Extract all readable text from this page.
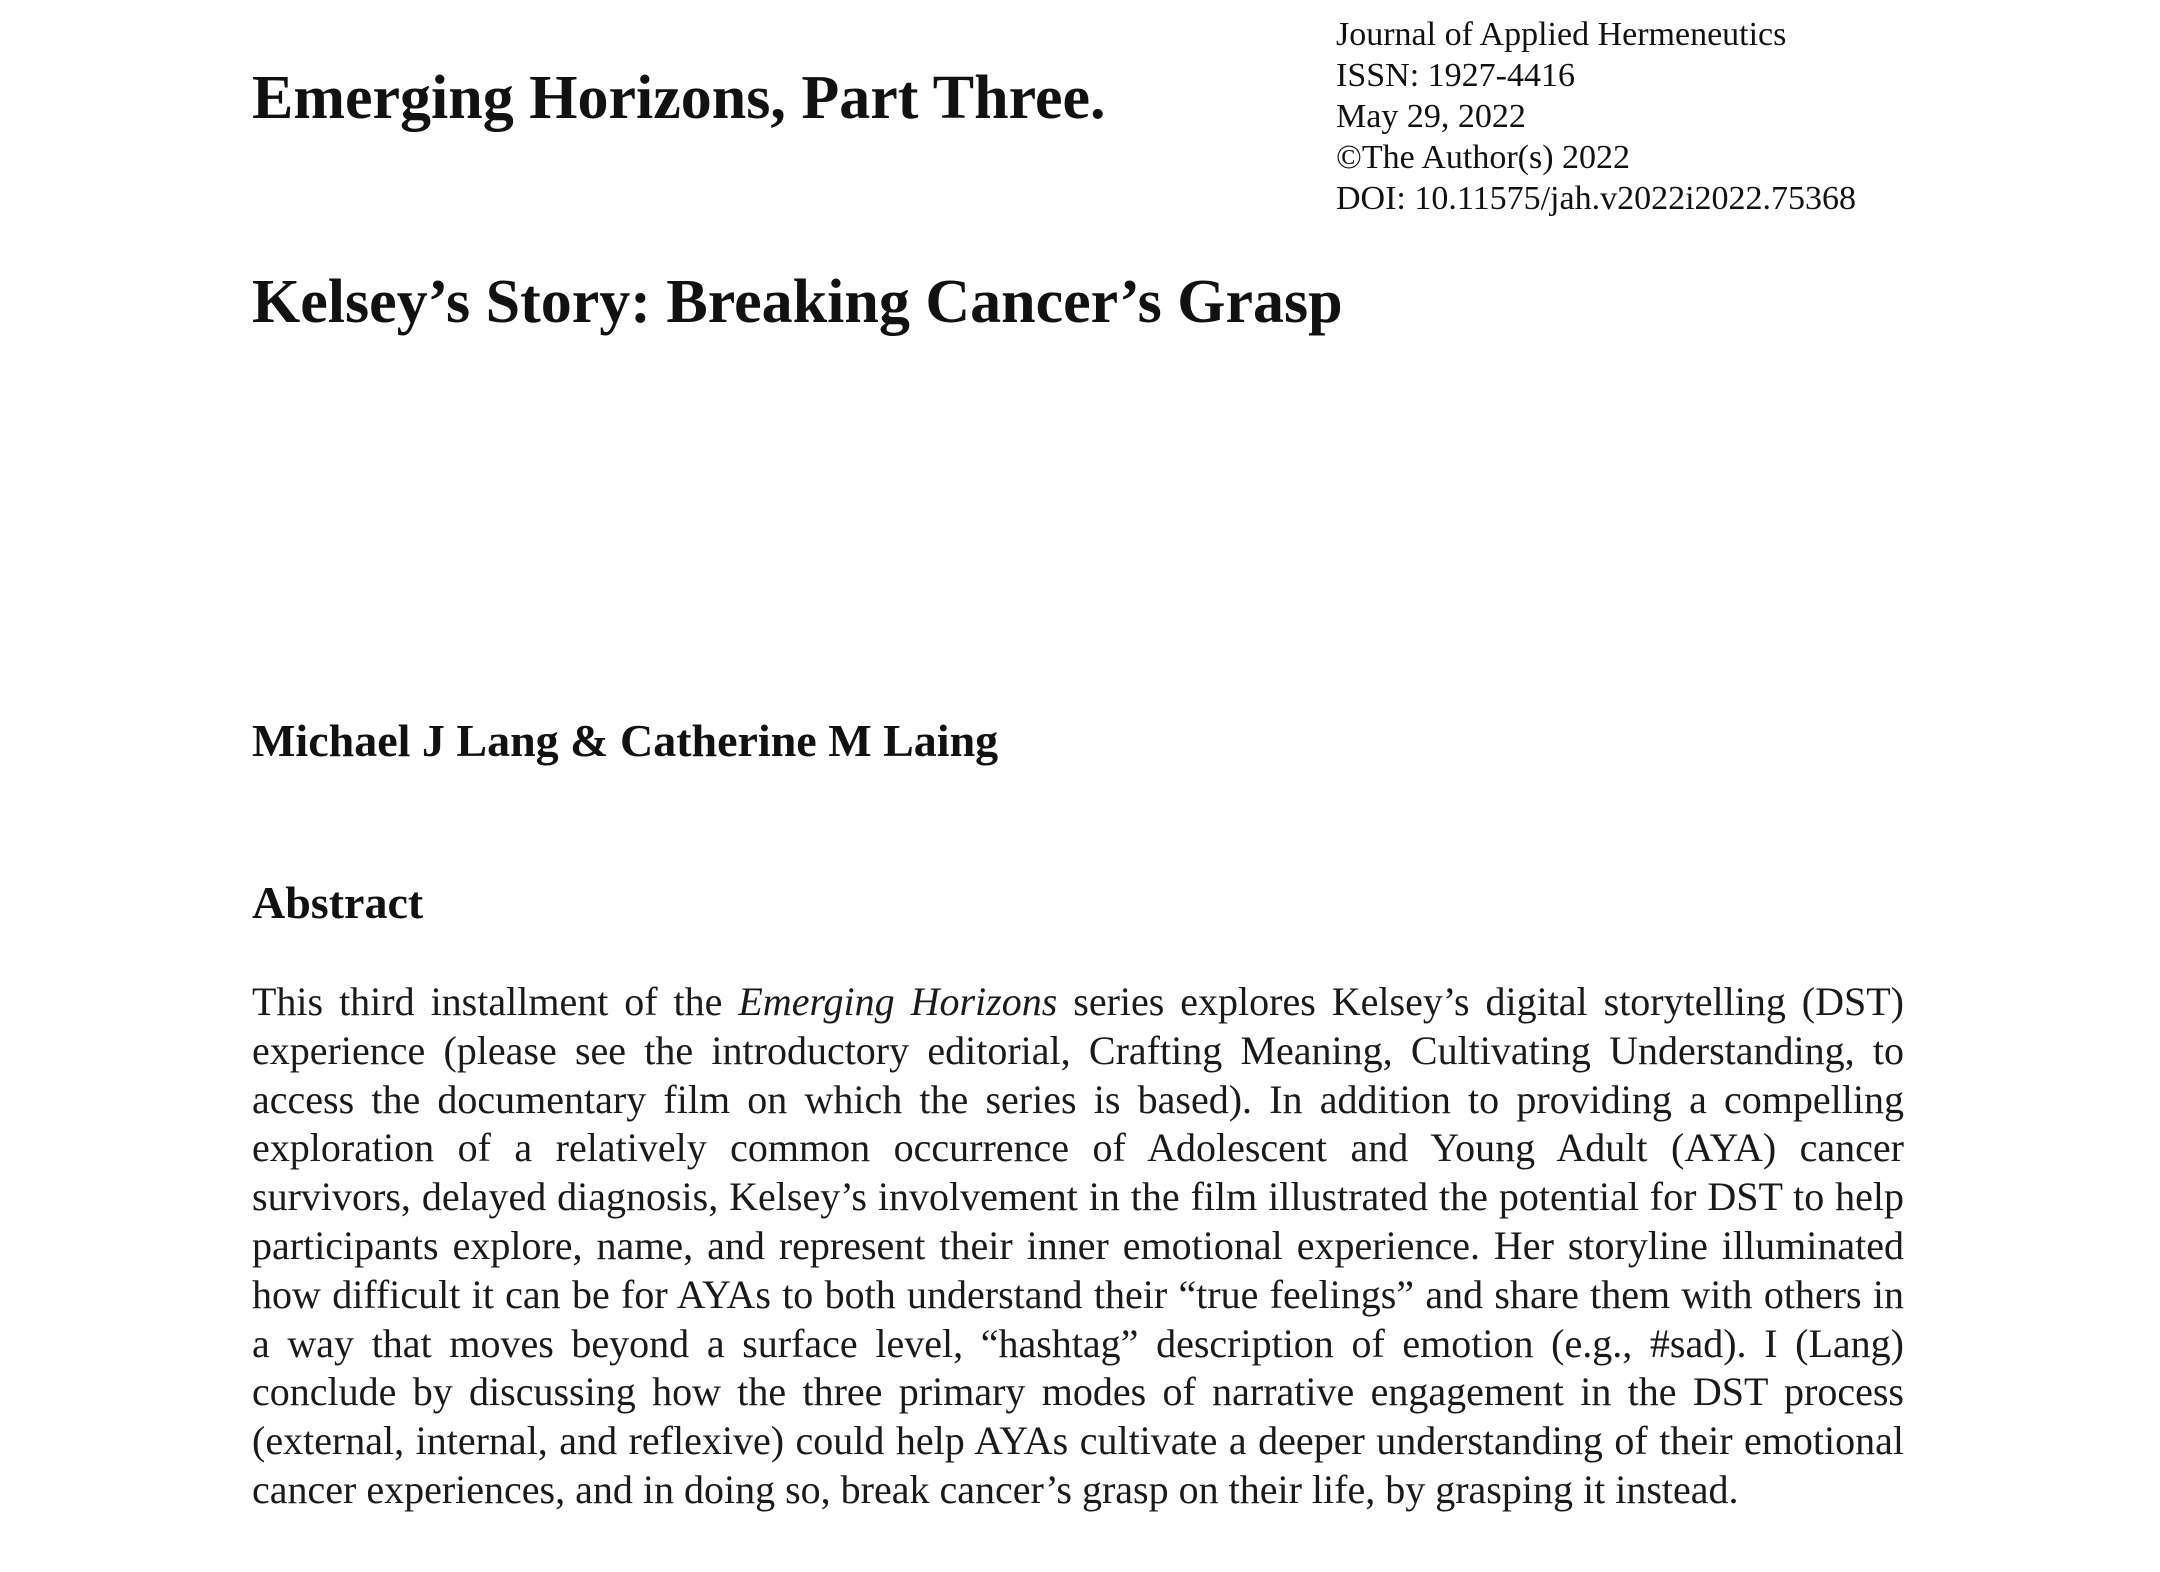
Journal of Applied Hermeneutics
ISSN: 1927-4416
May 29, 2022
©The Author(s) 2022
DOI: 10.11575/jah.v2022i2022.75368
Emerging Horizons, Part Three.
Kelsey’s Story: Breaking Cancer’s Grasp
Michael J Lang & Catherine M Laing
Abstract

This third installment of the Emerging Horizons series explores Kelsey’s digital storytelling (DST) experience (please see the introductory editorial, Crafting Meaning, Cultivating Understanding, to access the documentary film on which the series is based). In addition to providing a compelling exploration of a relatively common occurrence of Adolescent and Young Adult (AYA) cancer survivors, delayed diagnosis, Kelsey’s involvement in the film illustrated the potential for DST to help participants explore, name, and represent their inner emotional experience. Her storyline illuminated how difficult it can be for AYAs to both understand their “true feelings” and share them with others in a way that moves beyond a surface level, “hashtag” description of emotion (e.g., #sad). I (Lang) conclude by discussing how the three primary modes of narrative engagement in the DST process (external, internal, and reflexive) could help AYAs cultivate a deeper understanding of their emotional cancer experiences, and in doing so, break cancer’s grasp on their life, by grasping it instead.
